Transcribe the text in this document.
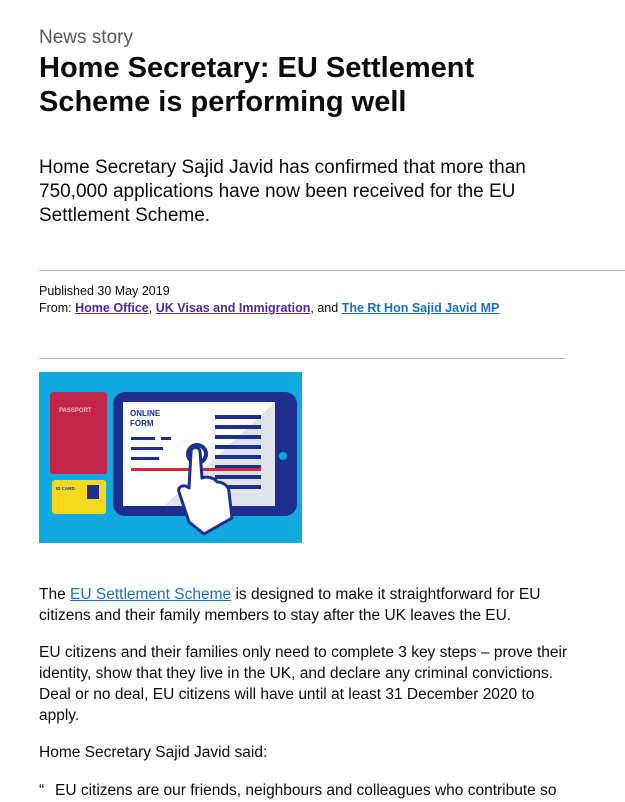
News story
Home Secretary: EU Settlement Scheme is performing well

Home Secretary Sajid Javid has confirmed that more than 750,000 applications have now been received for the EU Settlement Scheme.

Published 30 May 2019
From: Home Office, UK Visas and Immigration, and The Rt Hon Sajid Javid MP
PASSPORT
ID CARD
ONLINE
FORM

The EU Settlement Scheme is designed to make it straightforward for EU citizens and their family members to stay after the UK leaves the EU.

EU citizens and their families only need to complete 3 key steps – prove their identity, show that they live in the UK, and declare any criminal convictions. Deal or no deal, EU citizens will have until at least 31 December 2020 to apply.

Home Secretary Sajid Javid said:

“ EU citizens are our friends, neighbours and colleagues who contribute so
